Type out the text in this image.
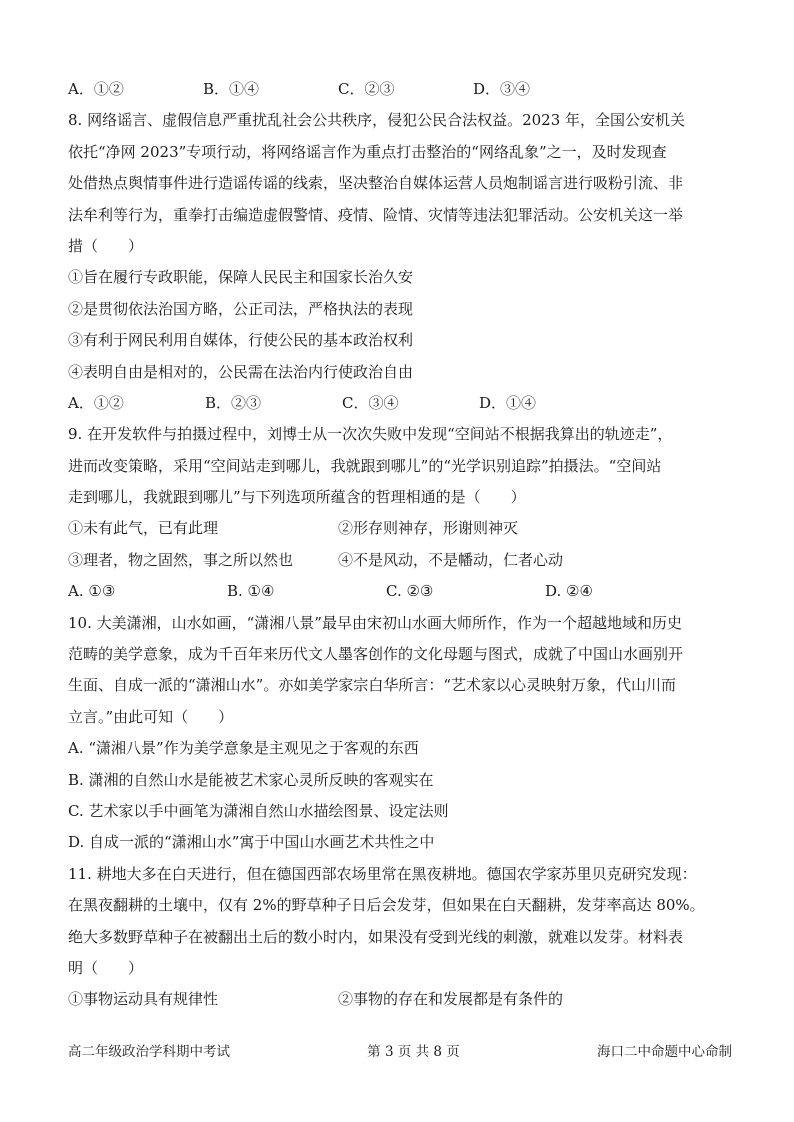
A．①②	B．①④	C．②③	D．③④
8. 网络谣言、虚假信息严重扰乱社会公共秩序，侵犯公民合法权益。2023 年，全国公安机关
依托“净网 2023”专项行动，将网络谣言作为重点打击整治的“网络乱象”之一，及时发现查
处借热点舆情事件进行造谣传谣的线索，坚决整治自媒体运营人员炮制谣言进行吸粉引流、非
法牟利等行为，重拳打击编造虚假警情、疫情、险情、灾情等违法犯罪活动。公安机关这一举
措（　　）
①旨在履行专政职能，保障人民民主和国家长治久安
②是贯彻依法治国方略，公正司法，严格执法的表现
③有利于网民利用自媒体，行使公民的基本政治权利
④表明自由是相对的，公民需在法治内行使政治自由
A．①②	B．②③	C．③④	D．①④
9. 在开发软件与拍摄过程中，刘博士从一次次失败中发现“空间站不根据我算出的轨迹走”，
进而改变策略，采用“空间站走到哪儿，我就跟到哪儿”的“光学识别追踪”拍摄法。“空间站
走到哪儿，我就跟到哪儿”与下列选项所蕴含的哲理相通的是（　　）
①未有此气，已有此理	②形存则神存，形谢则神灭
③理者，物之固然，事之所以然也	④不是风动，不是幡动，仁者心动
A. ①③	B. ①④	C. ②③	D. ②④
10. 大美潇湘，山水如画，“潇湘八景”最早由宋初山水画大师所作，作为一个超越地域和历史
范畴的美学意象，成为千百年来历代文人墨客创作的文化母题与图式，成就了中国山水画别开
生面、自成一派的“潇湘山水”。亦如美学家宗白华所言：“艺术家以心灵映射万象，代山川而
立言。”由此可知（　　）
A. “潇湘八景”作为美学意象是主观见之于客观的东西
B. 潇湘的自然山水是能被艺术家心灵所反映的客观实在
C. 艺术家以手中画笔为潇湘自然山水描绘图景、设定法则
D. 自成一派的“潇湘山水”寓于中国山水画艺术共性之中
11. 耕地大多在白天进行，但在德国西部农场里常在黑夜耕地。德国农学家苏里贝克研究发现：
在黑夜翻耕的土壤中，仅有 2%的野草种子日后会发芽，但如果在白天翻耕，发芽率高达 80%。
绝大多数野草种子在被翻出土后的数小时内，如果没有受到光线的刺激，就难以发芽。材料表
明（　　）
①事物运动具有规律性	②事物的存在和发展都是有条件的
高二年级政治学科期中考试	第 3 页 共 8 页	海口二中命题中心命制
